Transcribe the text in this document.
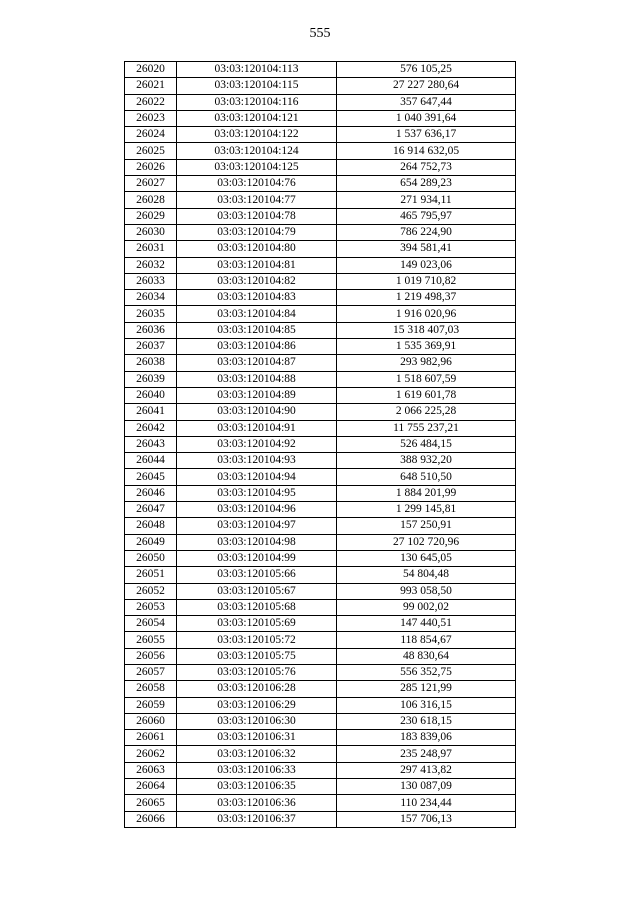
555
26020	03:03:120104:113	576 105,25
26021	03:03:120104:115	27 227 280,64
26022	03:03:120104:116	357 647,44
26023	03:03:120104:121	1 040 391,64
26024	03:03:120104:122	1 537 636,17
26025	03:03:120104:124	16 914 632,05
26026	03:03:120104:125	264 752,73
26027	03:03:120104:76	654 289,23
26028	03:03:120104:77	271 934,11
26029	03:03:120104:78	465 795,97
26030	03:03:120104:79	786 224,90
26031	03:03:120104:80	394 581,41
26032	03:03:120104:81	149 023,06
26033	03:03:120104:82	1 019 710,82
26034	03:03:120104:83	1 219 498,37
26035	03:03:120104:84	1 916 020,96
26036	03:03:120104:85	15 318 407,03
26037	03:03:120104:86	1 535 369,91
26038	03:03:120104:87	293 982,96
26039	03:03:120104:88	1 518 607,59
26040	03:03:120104:89	1 619 601,78
26041	03:03:120104:90	2 066 225,28
26042	03:03:120104:91	11 755 237,21
26043	03:03:120104:92	526 484,15
26044	03:03:120104:93	388 932,20
26045	03:03:120104:94	648 510,50
26046	03:03:120104:95	1 884 201,99
26047	03:03:120104:96	1 299 145,81
26048	03:03:120104:97	157 250,91
26049	03:03:120104:98	27 102 720,96
26050	03:03:120104:99	130 645,05
26051	03:03:120105:66	54 804,48
26052	03:03:120105:67	993 058,50
26053	03:03:120105:68	99 002,02
26054	03:03:120105:69	147 440,51
26055	03:03:120105:72	118 854,67
26056	03:03:120105:75	48 830,64
26057	03:03:120105:76	556 352,75
26058	03:03:120106:28	285 121,99
26059	03:03:120106:29	106 316,15
26060	03:03:120106:30	230 618,15
26061	03:03:120106:31	183 839,06
26062	03:03:120106:32	235 248,97
26063	03:03:120106:33	297 413,82
26064	03:03:120106:35	130 087,09
26065	03:03:120106:36	110 234,44
26066	03:03:120106:37	157 706,13
